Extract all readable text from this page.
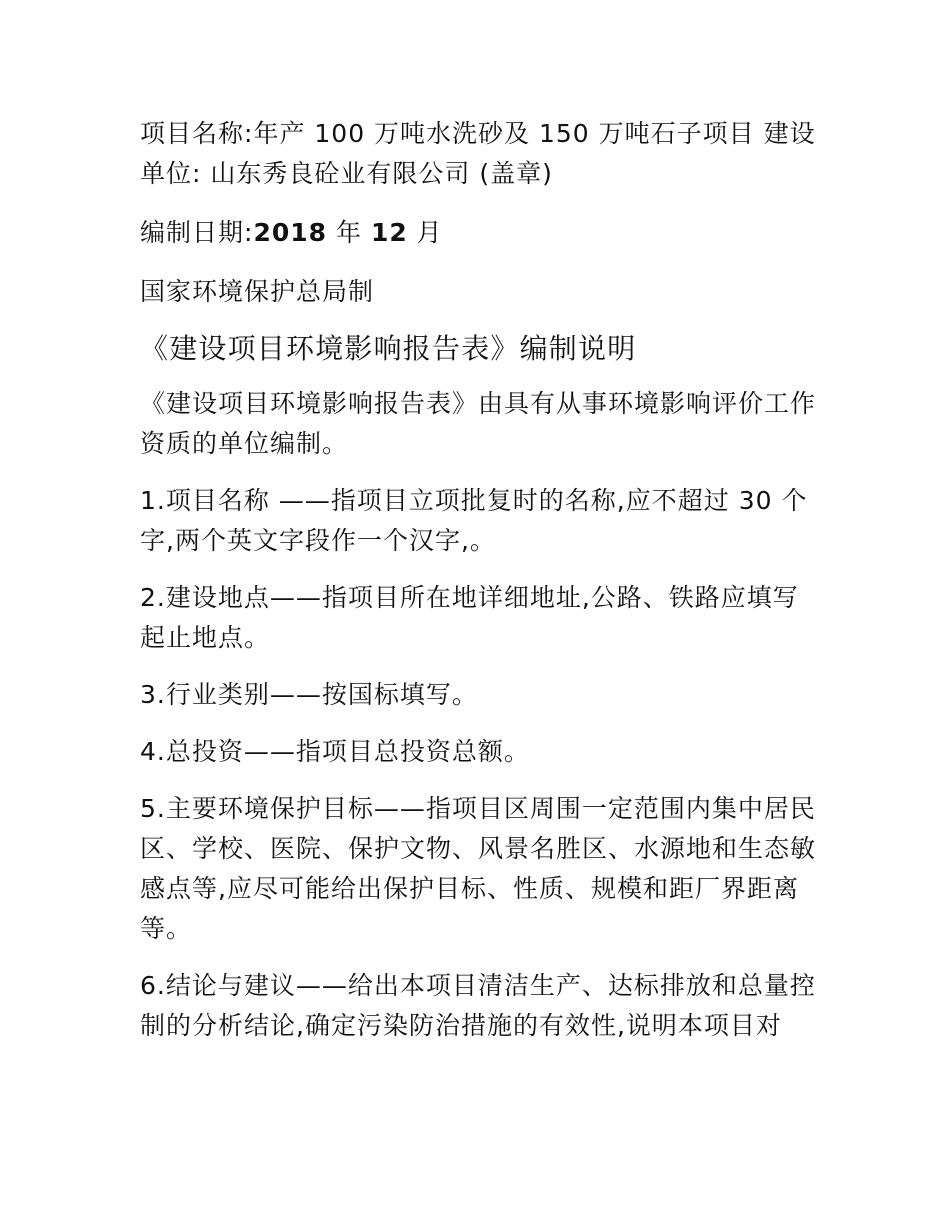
项目名称:年产 100 万吨水洗砂及 150 万吨石子项目 建设单位: 山东秀良砼业有限公司 (盖章)

编制日期:2018 年 12 月

国家环境保护总局制

《建设项目环境影响报告表》编制说明

《建设项目环境影响报告表》由具有从事环境影响评价工作资质的单位编制。

1.项目名称 ——指项目立项批复时的名称,应不超过 30 个字,两个英文字段作一个汉字,。

2.建设地点——指项目所在地详细地址,公路、铁路应填写起止地点。

3.行业类别——按国标填写。

4.总投资——指项目总投资总额。

5.主要环境保护目标——指项目区周围一定范围内集中居民区、学校、医院、保护文物、风景名胜区、水源地和生态敏感点等,应尽可能给出保护目标、性质、规模和距厂界距离等。

6.结论与建议——给出本项目清洁生产、达标排放和总量控制的分析结论,确定污染防治措施的有效性,说明本项目对
